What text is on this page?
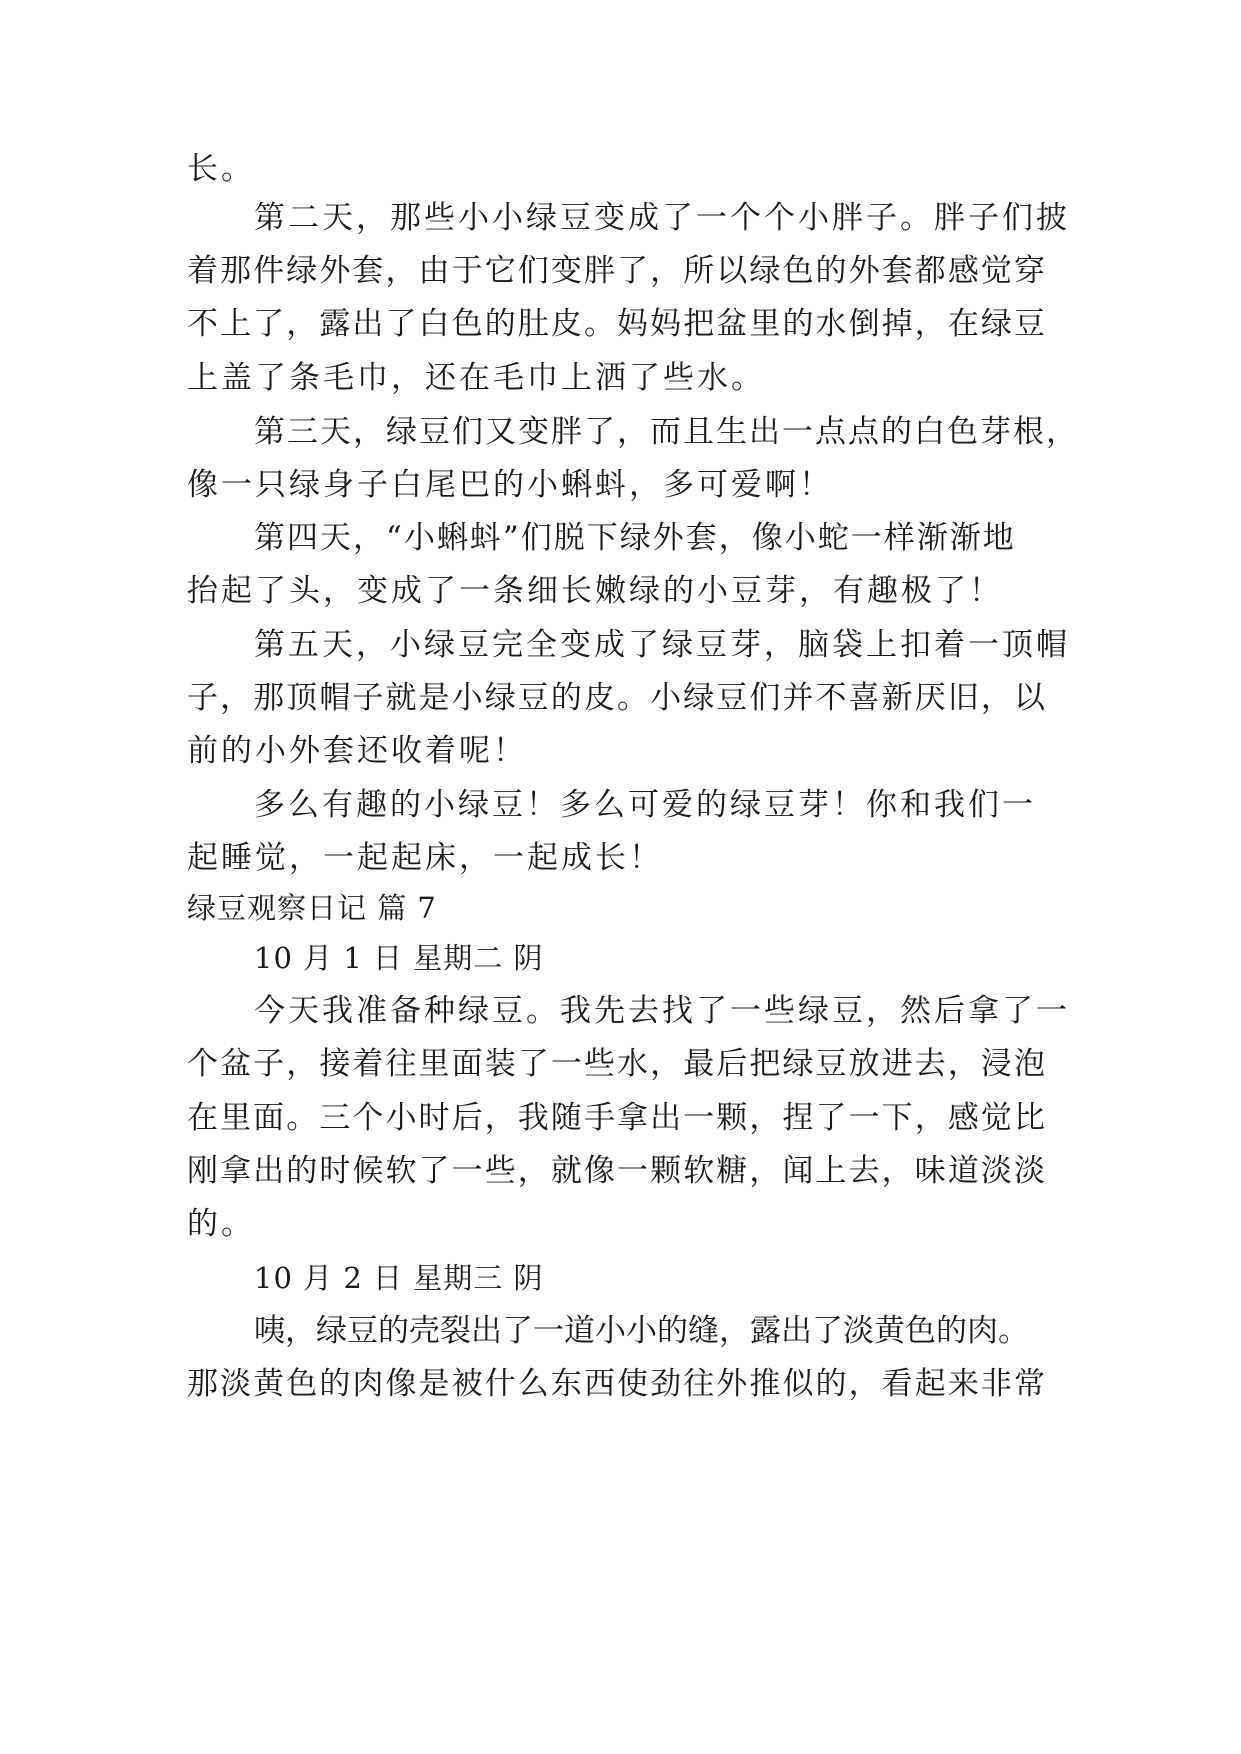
长。
第二天，那些小小绿豆变成了一个个小胖子。胖子们披
着那件绿外套，由于它们变胖了，所以绿色的外套都感觉穿
不上了，露出了白色的肚皮。妈妈把盆里的水倒掉，在绿豆
上盖了条毛巾，还在毛巾上洒了些水。
第三天，绿豆们又变胖了，而且生出一点点的白色芽根，
像一只绿身子白尾巴的小蝌蚪，多可爱啊！
第四天，“小蝌蚪”们脱下绿外套，像小蛇一样渐渐地
抬起了头，变成了一条细长嫩绿的小豆芽，有趣极了！
第五天，小绿豆完全变成了绿豆芽，脑袋上扣着一顶帽
子，那顶帽子就是小绿豆的皮。小绿豆们并不喜新厌旧，以
前的小外套还收着呢！
多么有趣的小绿豆！多么可爱的绿豆芽！你和我们一
起睡觉，一起起床，一起成长！
绿豆观察日记 篇 7
10 月 1 日 星期二 阴
今天我准备种绿豆。我先去找了一些绿豆，然后拿了一
个盆子，接着往里面装了一些水，最后把绿豆放进去，浸泡
在里面。三个小时后，我随手拿出一颗，捏了一下，感觉比
刚拿出的时候软了一些，就像一颗软糖，闻上去，味道淡淡
的。
10 月 2 日 星期三 阴
咦，绿豆的壳裂出了一道小小的缝，露出了淡黄色的肉。
那淡黄色的肉像是被什么东西使劲往外推似的，看起来非常
